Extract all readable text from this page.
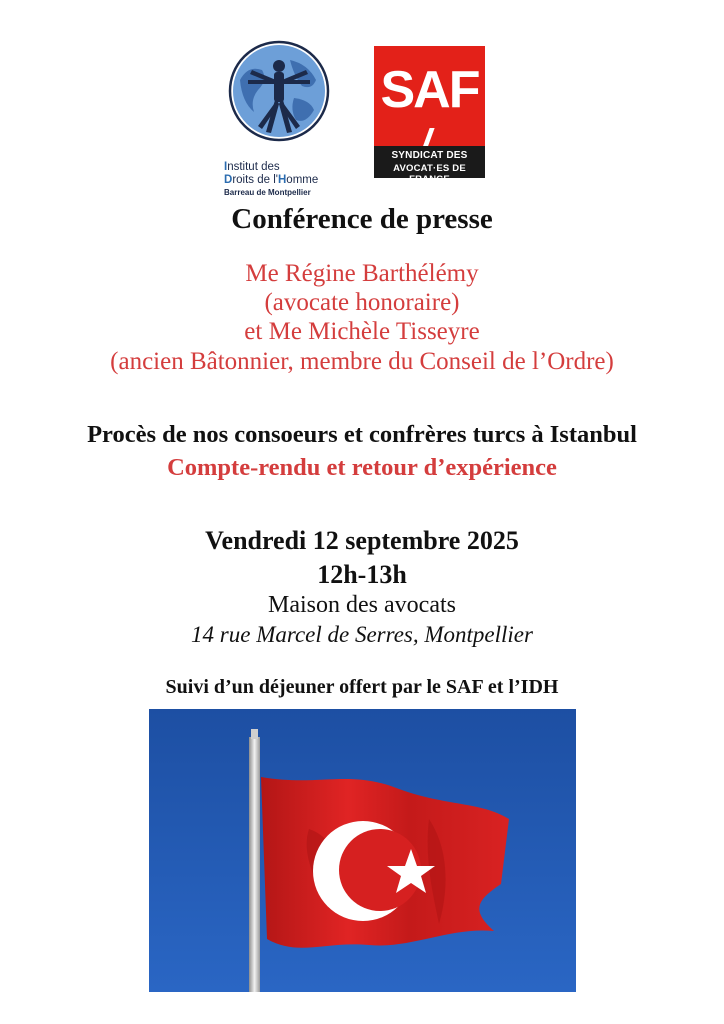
Institut des
Droits de l'Homme
Barreau de Montpellier
SAF
SYNDICAT DES
AVOCAT·ES DE FRANCE
Conférence de presse
Me Régine Barthélémy
(avocate honoraire)
et Me Michèle Tisseyre
(ancien Bâtonnier, membre du Conseil de l’Ordre)
Procès de nos consoeurs et confrères turcs à Istanbul
Compte-rendu et retour d’expérience
Vendredi 12 septembre 2025
12h-13h
Maison des avocats
14 rue Marcel de Serres, Montpellier
Suivi d’un déjeuner offert par le SAF et l’IDH
